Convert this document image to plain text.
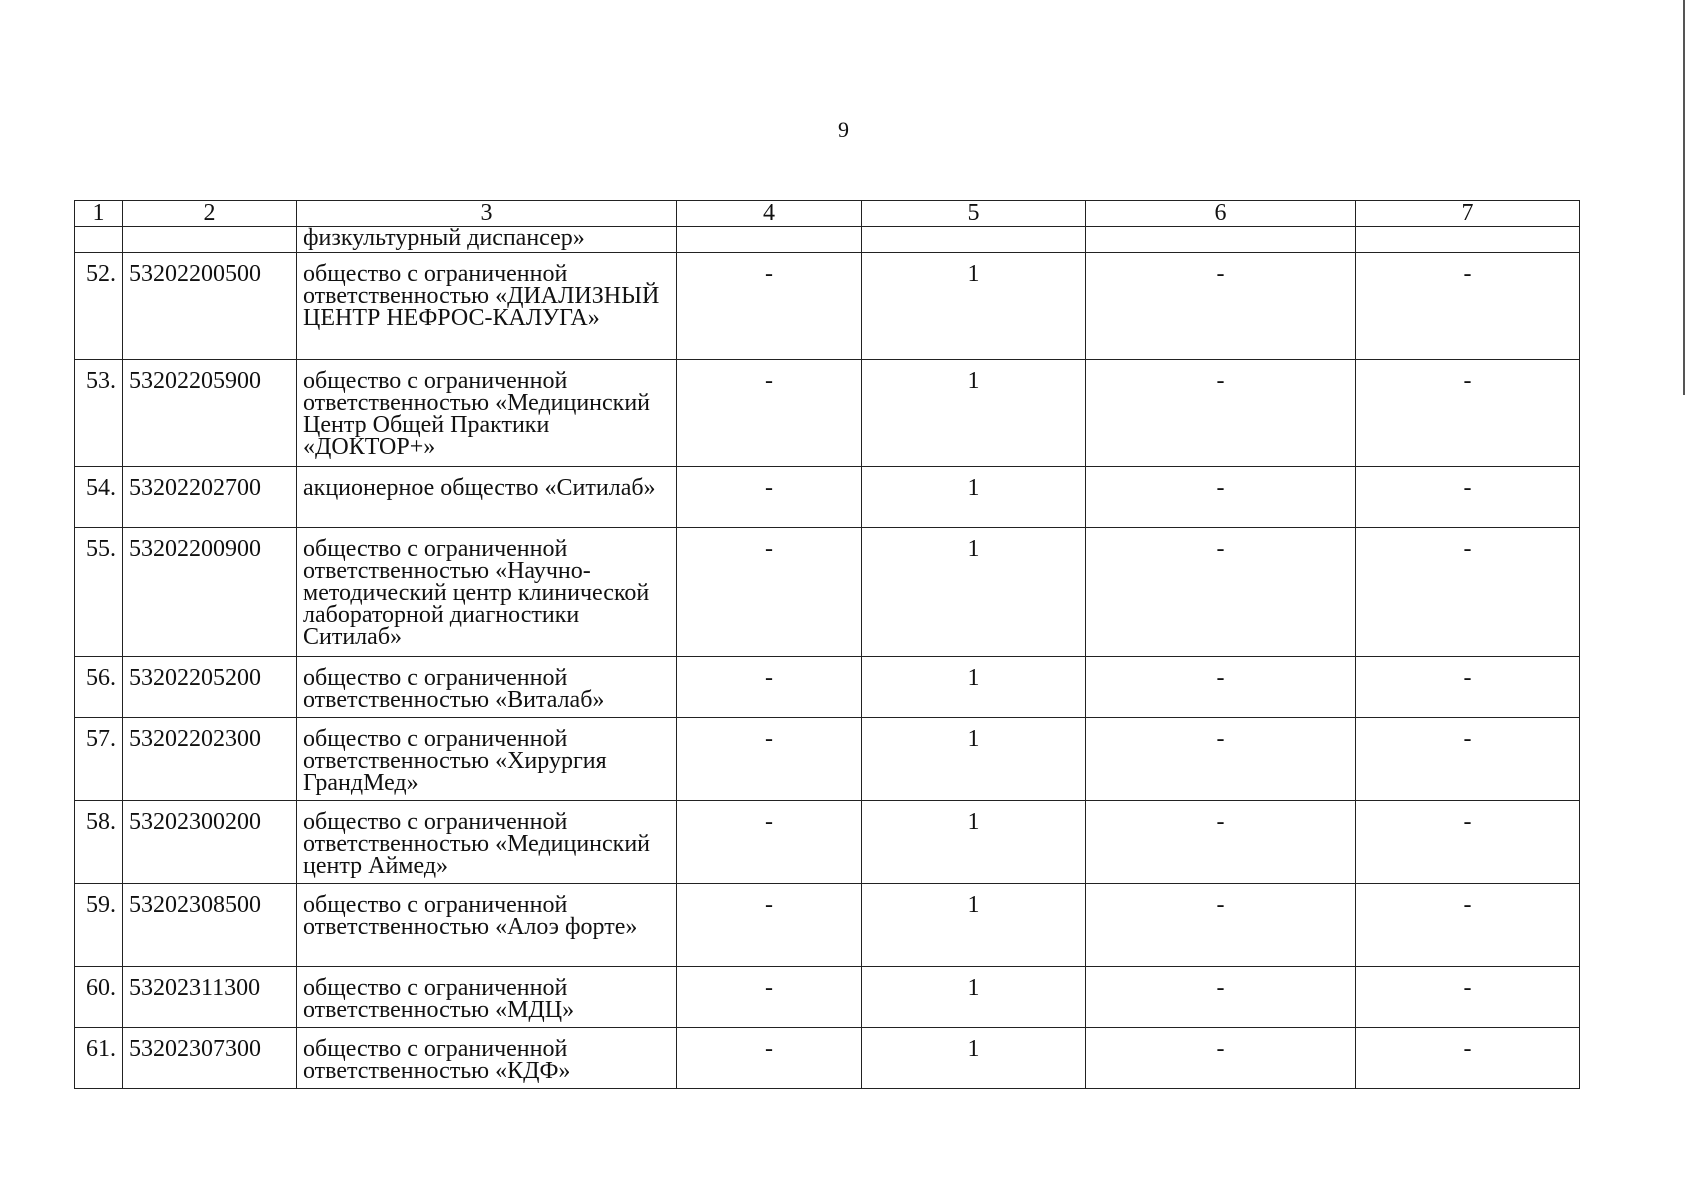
9
1	2	3	4	5	6	7
		физкультурный диспансер»				
52.	53202200500	общество с ограниченной ответственностью «ДИАЛИЗНЫЙ ЦЕНТР НЕФРОС-КАЛУГА»	-	1	-	-
53.	53202205900	общество с ограниченной ответственностью «Медицинский Центр Общей Практики «ДОКТОР+»	-	1	-	-
54.	53202202700	акционерное общество «Ситилаб»	-	1	-	-
55.	53202200900	общество с ограниченной ответственностью «Научно-методический центр клинической лабораторной диагностики Ситилаб»	-	1	-	-
56.	53202205200	общество с ограниченной ответственностью «Виталаб»	-	1	-	-
57.	53202202300	общество с ограниченной ответственностью «Хирургия ГрандМед»	-	1	-	-
58.	53202300200	общество с ограниченной ответственностью «Медицинский центр Аймед»	-	1	-	-
59.	53202308500	общество с ограниченной ответственностью «Алоэ форте»	-	1	-	-
60.	53202311300	общество с ограниченной ответственностью «МДЦ»	-	1	-	-
61.	53202307300	общество с ограниченной ответственностью «КДФ»	-	1	-	-
